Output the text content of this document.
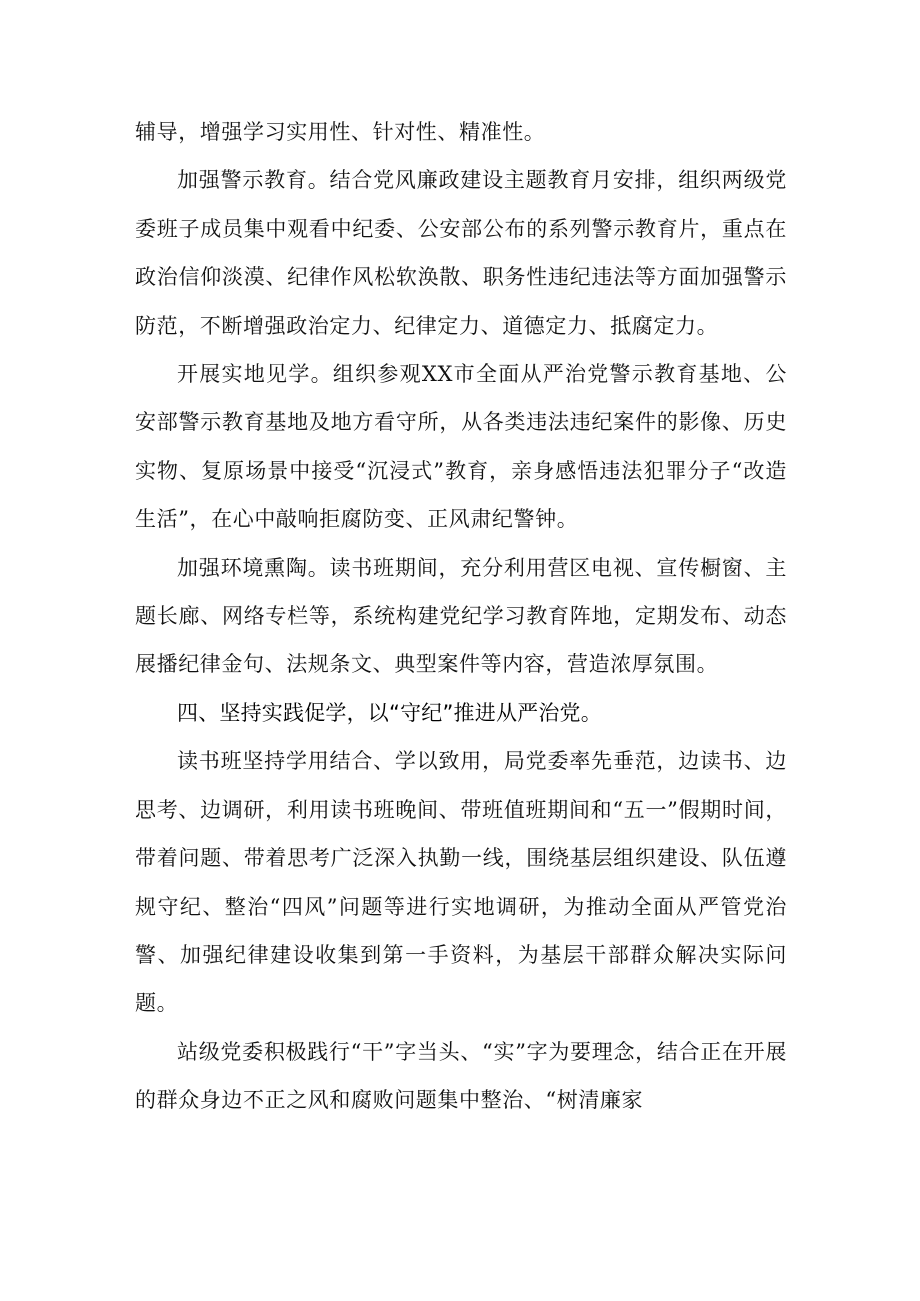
辅导，增强学习实用性、针对性、精准性。

加强警示教育。结合党风廉政建设主题教育月安排，组织两级党委班子成员集中观看中纪委、公安部公布的系列警示教育片，重点在政治信仰淡漠、纪律作风松软涣散、职务性违纪违法等方面加强警示防范，不断增强政治定力、纪律定力、道德定力、抵腐定力。

开展实地见学。组织参观XX市全面从严治党警示教育基地、公安部警示教育基地及地方看守所，从各类违法违纪案件的影像、历史实物、复原场景中接受“沉浸式”教育，亲身感悟违法犯罪分子“改造生活”，在心中敲响拒腐防变、正风肃纪警钟。

加强环境熏陶。读书班期间，充分利用营区电视、宣传橱窗、主题长廊、网络专栏等，系统构建党纪学习教育阵地，定期发布、动态展播纪律金句、法规条文、典型案件等内容，营造浓厚氛围。

四、坚持实践促学，以“守纪”推进从严治党。

读书班坚持学用结合、学以致用，局党委率先垂范，边读书、边思考、边调研，利用读书班晚间、带班值班期间和“五一”假期时间，带着问题、带着思考广泛深入执勤一线，围绕基层组织建设、队伍遵规守纪、整治“四风”问题等进行实地调研，为推动全面从严管党治警、加强纪律建设收集到第一手资料，为基层干部群众解决实际问题。

站级党委积极践行“干”字当头、“实”字为要理念，结合正在开展的群众身边不正之风和腐败问题集中整治、“树清廉家
